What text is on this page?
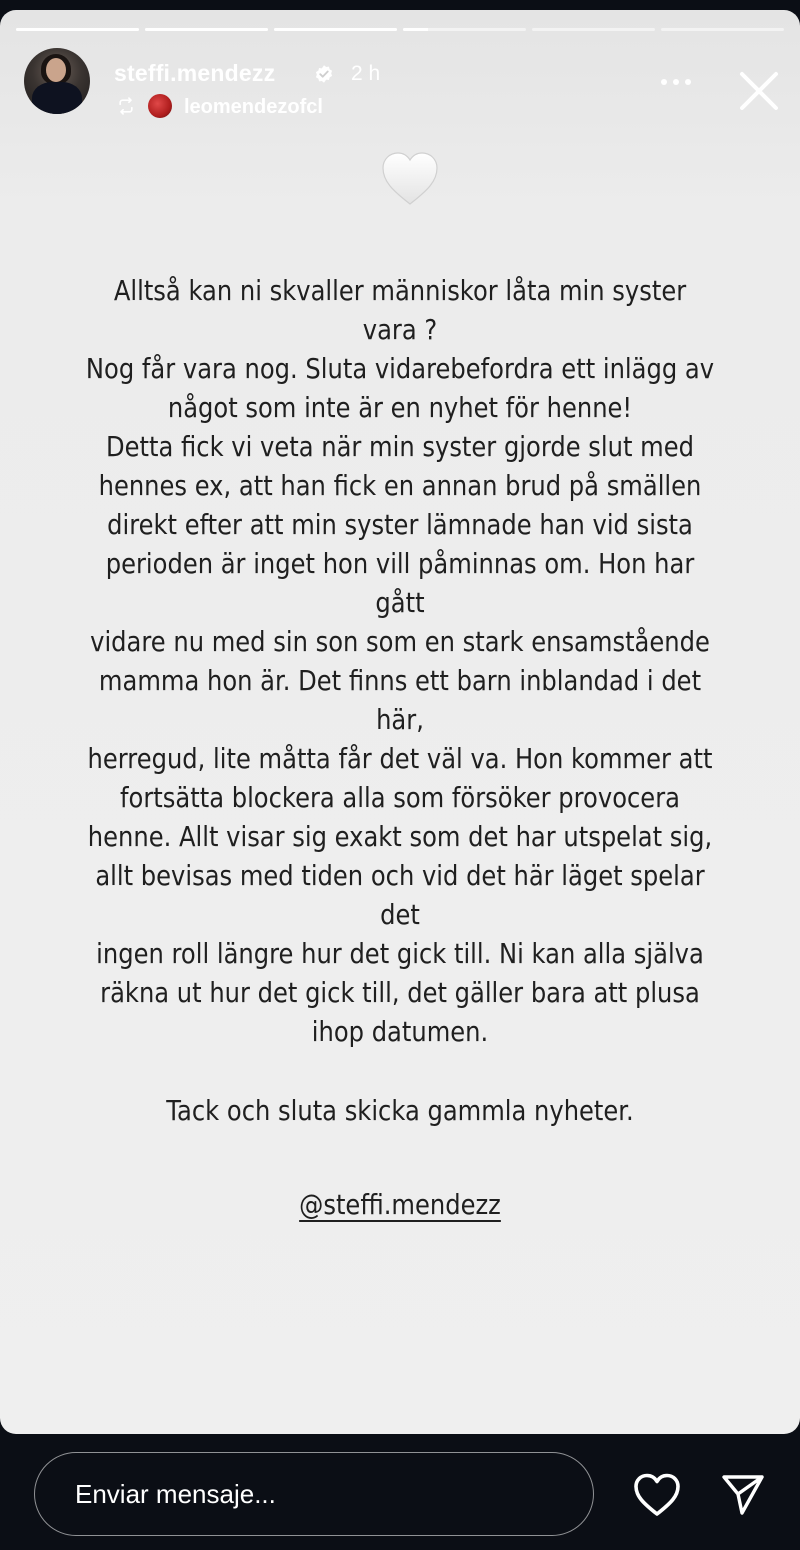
steffi.mendezz	2 h
leomendezofcl

Alltså kan ni skvaller människor låta min syster vara ?
Nog får vara nog. Sluta vidarebefordra ett inlägg av
något som inte är en nyhet för henne!
Detta fick vi veta när min syster gjorde slut med
hennes ex, att han fick en annan brud på smällen
direkt efter att min syster lämnade han vid sista
perioden är inget hon vill påminnas om. Hon har gått
vidare nu med sin son som en stark ensamstående
mamma hon är. Det finns ett barn inblandad i det här,
herregud, lite måtta får det väl va. Hon kommer att
fortsätta blockera alla som försöker provocera
henne. Allt visar sig exakt som det har utspelat sig,
allt bevisas med tiden och vid det här läget spelar det
ingen roll längre hur det gick till. Ni kan alla själva
räkna ut hur det gick till, det gäller bara att plusa
ihop datumen.

Tack och sluta skicka gammla nyheter.
@steffi.mendezz
Enviar mensaje...
